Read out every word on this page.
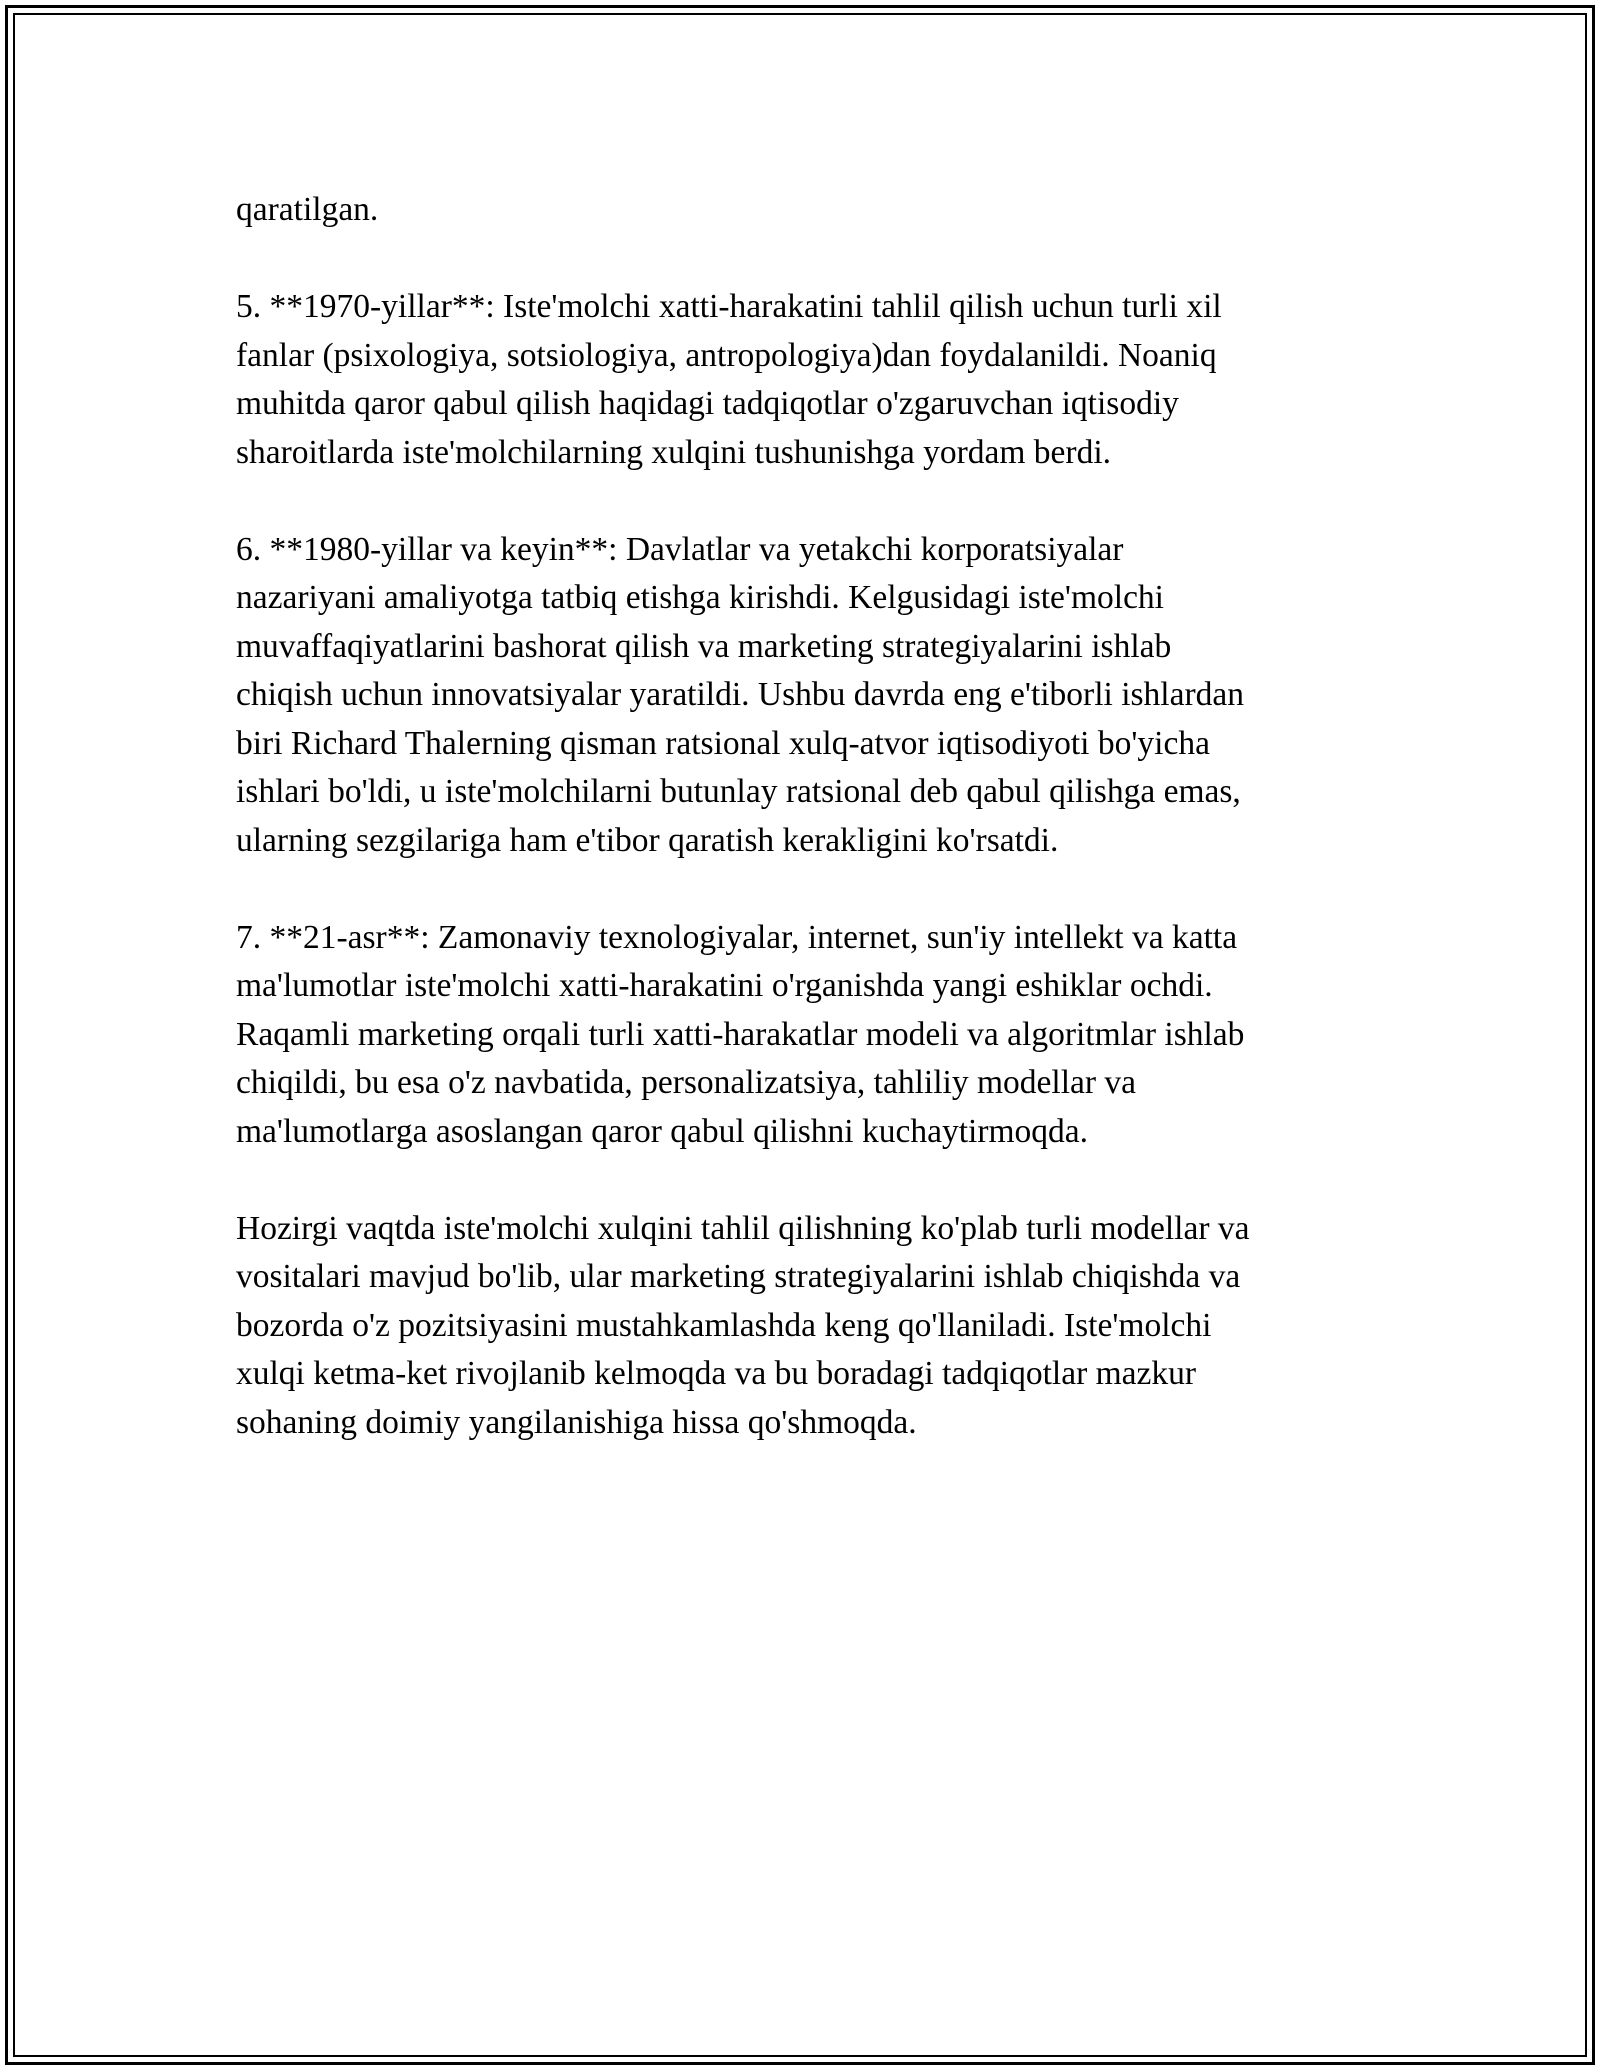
qaratilgan.

5. **1970-yillar**: Iste'molchi xatti-harakatini tahlil qilish uchun turli xil
fanlar (psixologiya, sotsiologiya, antropologiya)dan foydalanildi. Noaniq
muhitda qaror qabul qilish haqidagi tadqiqotlar o'zgaruvchan iqtisodiy
sharoitlarda iste'molchilarning xulqini tushunishga yordam berdi.

6. **1980-yillar va keyin**: Davlatlar va yetakchi korporatsiyalar
nazariyani amaliyotga tatbiq etishga kirishdi. Kelgusidagi iste'molchi
muvaffaqiyatlarini bashorat qilish va marketing strategiyalarini ishlab
chiqish uchun innovatsiyalar yaratildi. Ushbu davrda eng e'tiborli ishlardan
biri Richard Thalerning qisman ratsional xulq-atvor iqtisodiyoti bo'yicha
ishlari bo'ldi, u iste'molchilarni butunlay ratsional deb qabul qilishga emas,
ularning sezgilariga ham e'tibor qaratish kerakligini ko'rsatdi.

7. **21-asr**: Zamonaviy texnologiyalar, internet, sun'iy intellekt va katta
ma'lumotlar iste'molchi xatti-harakatini o'rganishda yangi eshiklar ochdi.
Raqamli marketing orqali turli xatti-harakatlar modeli va algoritmlar ishlab
chiqildi, bu esa o'z navbatida, personalizatsiya, tahliliy modellar va
ma'lumotlarga asoslangan qaror qabul qilishni kuchaytirmoqda.

Hozirgi vaqtda iste'molchi xulqini tahlil qilishning ko'plab turli modellar va
vositalari mavjud bo'lib, ular marketing strategiyalarini ishlab chiqishda va
bozorda o'z pozitsiyasini mustahkamlashda keng qo'llaniladi. Iste'molchi
xulqi ketma-ket rivojlanib kelmoqda va bu boradagi tadqiqotlar mazkur
sohaning doimiy yangilanishiga hissa qo'shmoqda.
